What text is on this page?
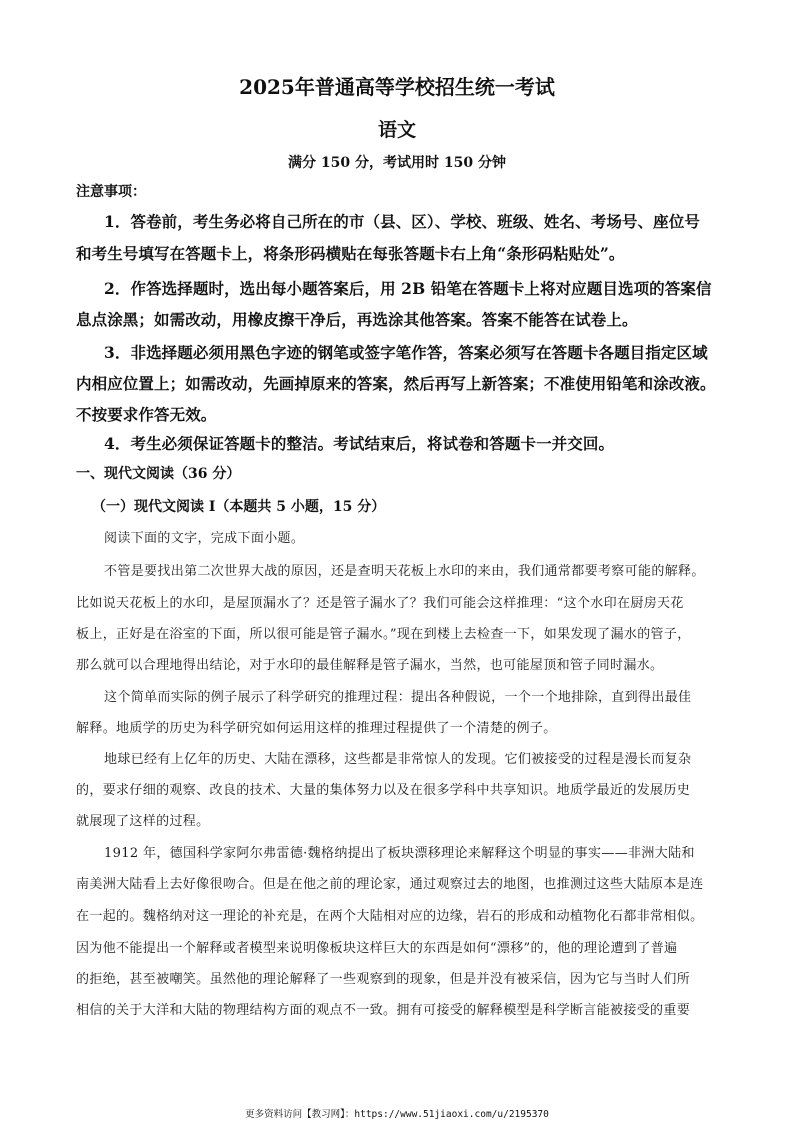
2025年普通高等学校招生统一考试
语文
满分 150 分，考试用时 150 分钟
注意事项：
1．答卷前，考生务必将自己所在的市（县、区）、学校、班级、姓名、考场号、座位号
和考生号填写在答题卡上，将条形码横贴在每张答题卡右上角“条形码粘贴处”。
2．作答选择题时，选出每小题答案后，用 2B 铅笔在答题卡上将对应题目选项的答案信
息点涂黑；如需改动，用橡皮擦干净后，再选涂其他答案。答案不能答在试卷上。
3．非选择题必须用黑色字迹的钢笔或签字笔作答，答案必须写在答题卡各题目指定区域
内相应位置上；如需改动，先画掉原来的答案，然后再写上新答案；不准使用铅笔和涂改液。
不按要求作答无效。
4．考生必须保证答题卡的整洁。考试结束后，将试卷和答题卡一并交回。
一、现代文阅读（36 分）
（一）现代文阅读 I（本题共 5 小题，15 分）
阅读下面的文字，完成下面小题。
不管是要找出第二次世界大战的原因，还是查明天花板上水印的来由，我们通常都要考察可能的解释。
比如说天花板上的水印，是屋顶漏水了？还是管子漏水了？我们可能会这样推理：“这个水印在厨房天花
板上，正好是在浴室的下面，所以很可能是管子漏水。”现在到楼上去检查一下，如果发现了漏水的管子，
那么就可以合理地得出结论，对于水印的最佳解释是管子漏水，当然，也可能屋顶和管子同时漏水。
这个简单而实际的例子展示了科学研究的推理过程：提出各种假说，一个一个地排除，直到得出最佳
解释。地质学的历史为科学研究如何运用这样的推理过程提供了一个清楚的例子。
地球已经有上亿年的历史、大陆在漂移，这些都是非常惊人的发现。它们被接受的过程是漫长而复杂
的，要求仔细的观察、改良的技术、大量的集体努力以及在很多学科中共享知识。地质学最近的发展历史
就展现了这样的过程。
1912 年，德国科学家阿尔弗雷德·魏格纳提出了板块漂移理论来解释这个明显的事实——非洲大陆和
南美洲大陆看上去好像很吻合。但是在他之前的理论家，通过观察过去的地图，也推测过这些大陆原本是连
在一起的。魏格纳对这一理论的补充是，在两个大陆相对应的边缘，岩石的形成和动植物化石都非常相似。
因为他不能提出一个解释或者模型来说明像板块这样巨大的东西是如何“漂移”的，他的理论遭到了普遍
的拒绝，甚至被嘲笑。虽然他的理论解释了一些观察到的现象，但是并没有被采信，因为它与当时人们所
相信的关于大洋和大陆的物理结构方面的观点不一致。拥有可接受的解释模型是科学断言能被接受的重要
更多资料访问【教习网】：https://www.51jiaoxi.com/u/2195370
